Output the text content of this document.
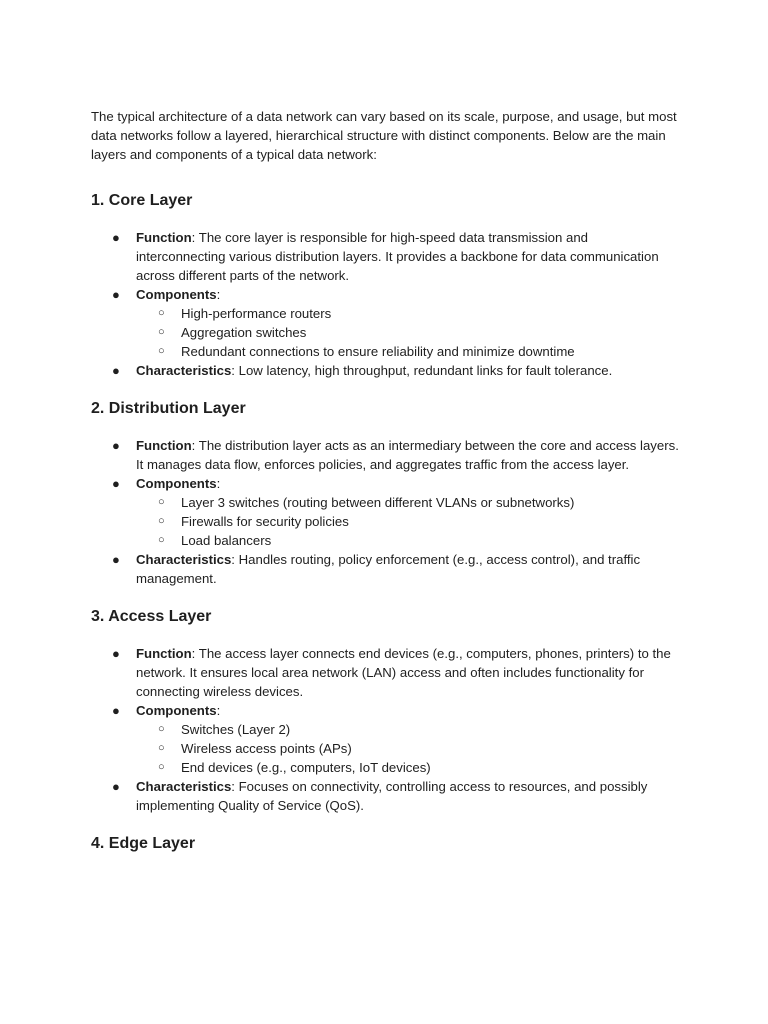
The typical architecture of a data network can vary based on its scale, purpose, and usage, but most data networks follow a layered, hierarchical structure with distinct components. Below are the main layers and components of a typical data network:

1. Core Layer
● Function: The core layer is responsible for high-speed data transmission and interconnecting various distribution layers. It provides a backbone for data communication across different parts of the network.
● Components:
○ High-performance routers
○ Aggregation switches
○ Redundant connections to ensure reliability and minimize downtime
● Characteristics: Low latency, high throughput, redundant links for fault tolerance.
2. Distribution Layer
● Function: The distribution layer acts as an intermediary between the core and access layers. It manages data flow, enforces policies, and aggregates traffic from the access layer.
● Components:
○ Layer 3 switches (routing between different VLANs or subnetworks)
○ Firewalls for security policies
○ Load balancers
● Characteristics: Handles routing, policy enforcement (e.g., access control), and traffic management.
3. Access Layer
● Function: The access layer connects end devices (e.g., computers, phones, printers) to the network. It ensures local area network (LAN) access and often includes functionality for connecting wireless devices.
● Components:
○ Switches (Layer 2)
○ Wireless access points (APs)
○ End devices (e.g., computers, IoT devices)
● Characteristics: Focuses on connectivity, controlling access to resources, and possibly implementing Quality of Service (QoS).
4. Edge Layer
